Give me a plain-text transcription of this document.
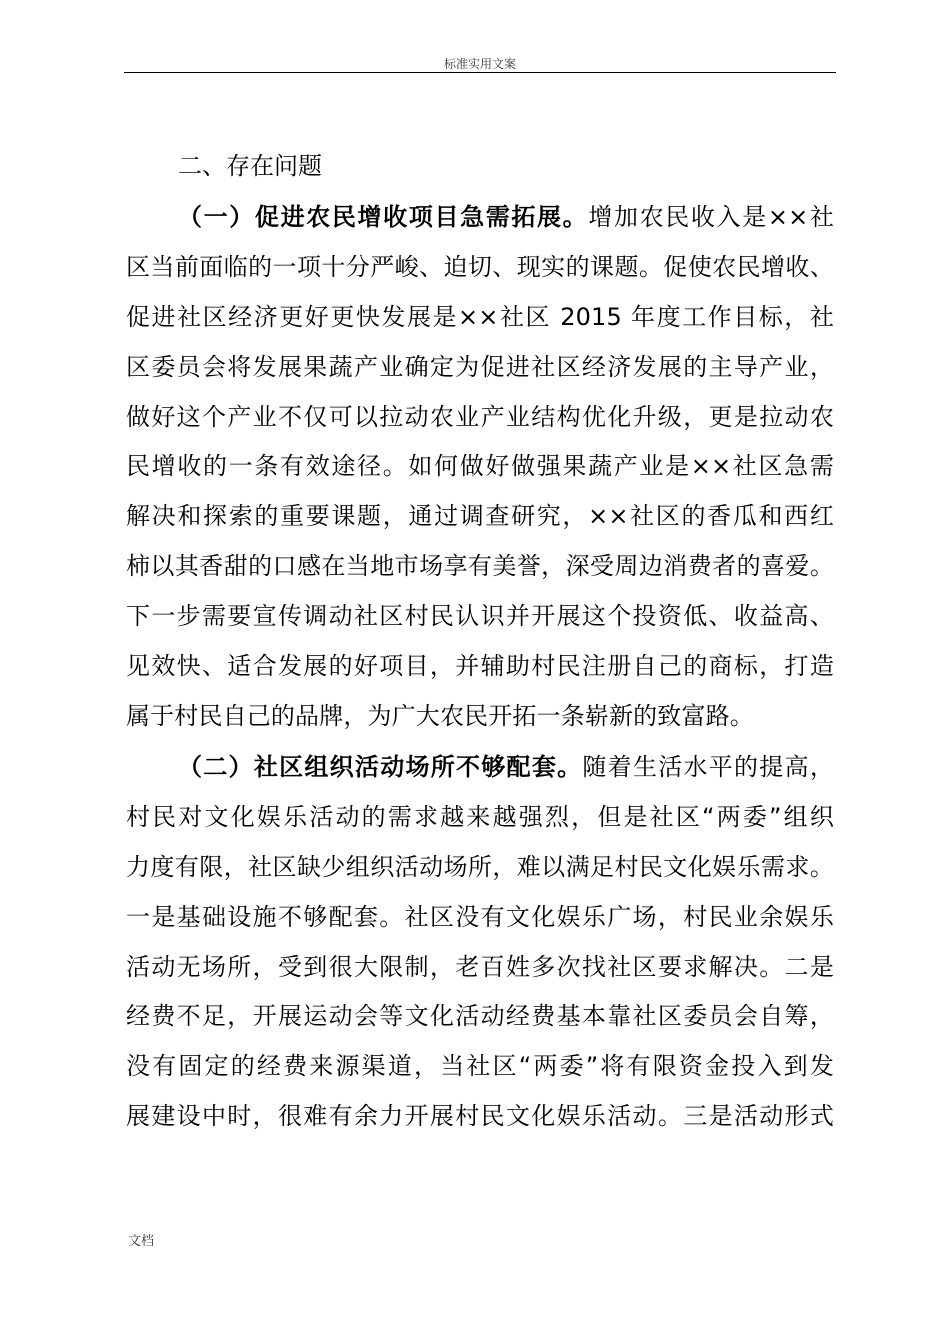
标准实用文案
二、存在问题
（一）促进农民增收项目急需拓展。增加农民收入是××社
区当前面临的一项十分严峻、迫切、现实的课题。促使农民增收、
促进社区经济更好更快发展是××社区 2015 年度工作目标，社
区委员会将发展果蔬产业确定为促进社区经济发展的主导产业，
做好这个产业不仅可以拉动农业产业结构优化升级，更是拉动农
民增收的一条有效途径。如何做好做强果蔬产业是××社区急需
解决和探索的重要课题，通过调查研究，××社区的香瓜和西红
柿以其香甜的口感在当地市场享有美誉，深受周边消费者的喜爱。
下一步需要宣传调动社区村民认识并开展这个投资低、收益高、
见效快、适合发展的好项目，并辅助村民注册自己的商标，打造
属于村民自己的品牌，为广大农民开拓一条崭新的致富路。
（二）社区组织活动场所不够配套。随着生活水平的提高，
村民对文化娱乐活动的需求越来越强烈，但是社区“两委”组织
力度有限，社区缺少组织活动场所，难以满足村民文化娱乐需求。
一是基础设施不够配套。社区没有文化娱乐广场，村民业余娱乐
活动无场所，受到很大限制，老百姓多次找社区要求解决。二是
经费不足，开展运动会等文化活动经费基本靠社区委员会自筹，
没有固定的经费来源渠道，当社区“两委”将有限资金投入到发
展建设中时，很难有余力开展村民文化娱乐活动。三是活动形式
文档
